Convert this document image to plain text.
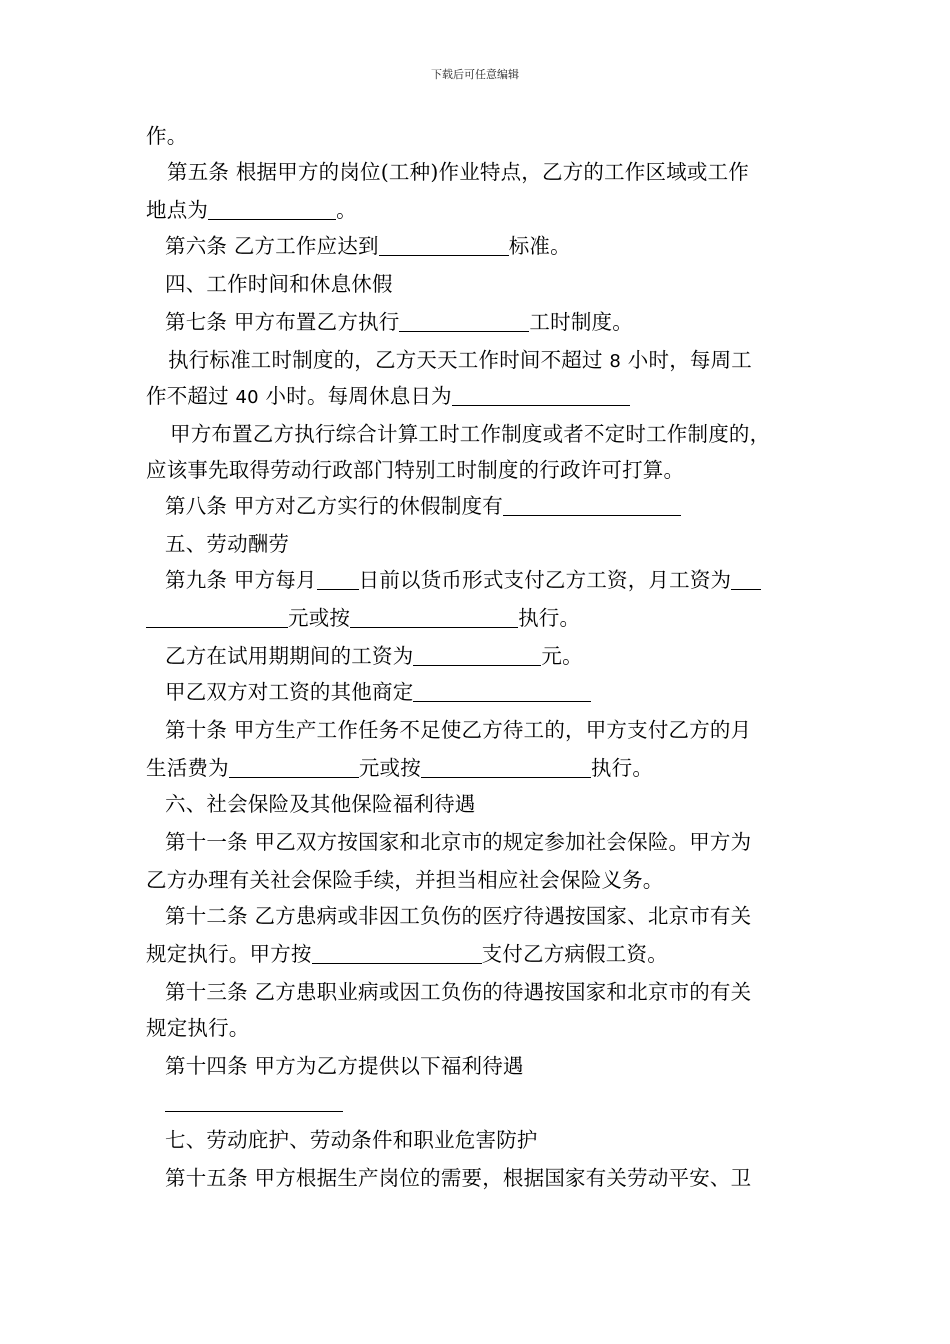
下载后可任意编辑
作。
第五条 根据甲方的岗位(工种)作业特点，乙方的工作区域或工作
地点为	。
第六条 乙方工作应达到	标准。
四、工作时间和休息休假
第七条 甲方布置乙方执行	工时制度。
执行标准工时制度的，乙方天天工作时间不超过 8 小时，每周工
作不超过 40 小时。每周休息日为
甲方布置乙方执行综合计算工时工作制度或者不定时工作制度的，
应该事先取得劳动行政部门特别工时制度的行政许可打算。
第八条 甲方对乙方实行的休假制度有
五、劳动酬劳
第九条 甲方每月 日前以货币形式支付乙方工资，月工资为
元或按	执行。
乙方在试用期期间的工资为	元。
甲乙双方对工资的其他商定
第十条 甲方生产工作任务不足使乙方待工的，甲方支付乙方的月
生活费为	元或按	执行。
六、社会保险及其他保险福利待遇
第十一条 甲乙双方按国家和北京市的规定参加社会保险。甲方为
乙方办理有关社会保险手续，并担当相应社会保险义务。
第十二条 乙方患病或非因工负伤的医疗待遇按国家、北京市有关
规定执行。甲方按	支付乙方病假工资。
第十三条 乙方患职业病或因工负伤的待遇按国家和北京市的有关
规定执行。
第十四条 甲方为乙方提供以下福利待遇
七、劳动庇护、劳动条件和职业危害防护
第十五条 甲方根据生产岗位的需要，根据国家有关劳动平安、卫
